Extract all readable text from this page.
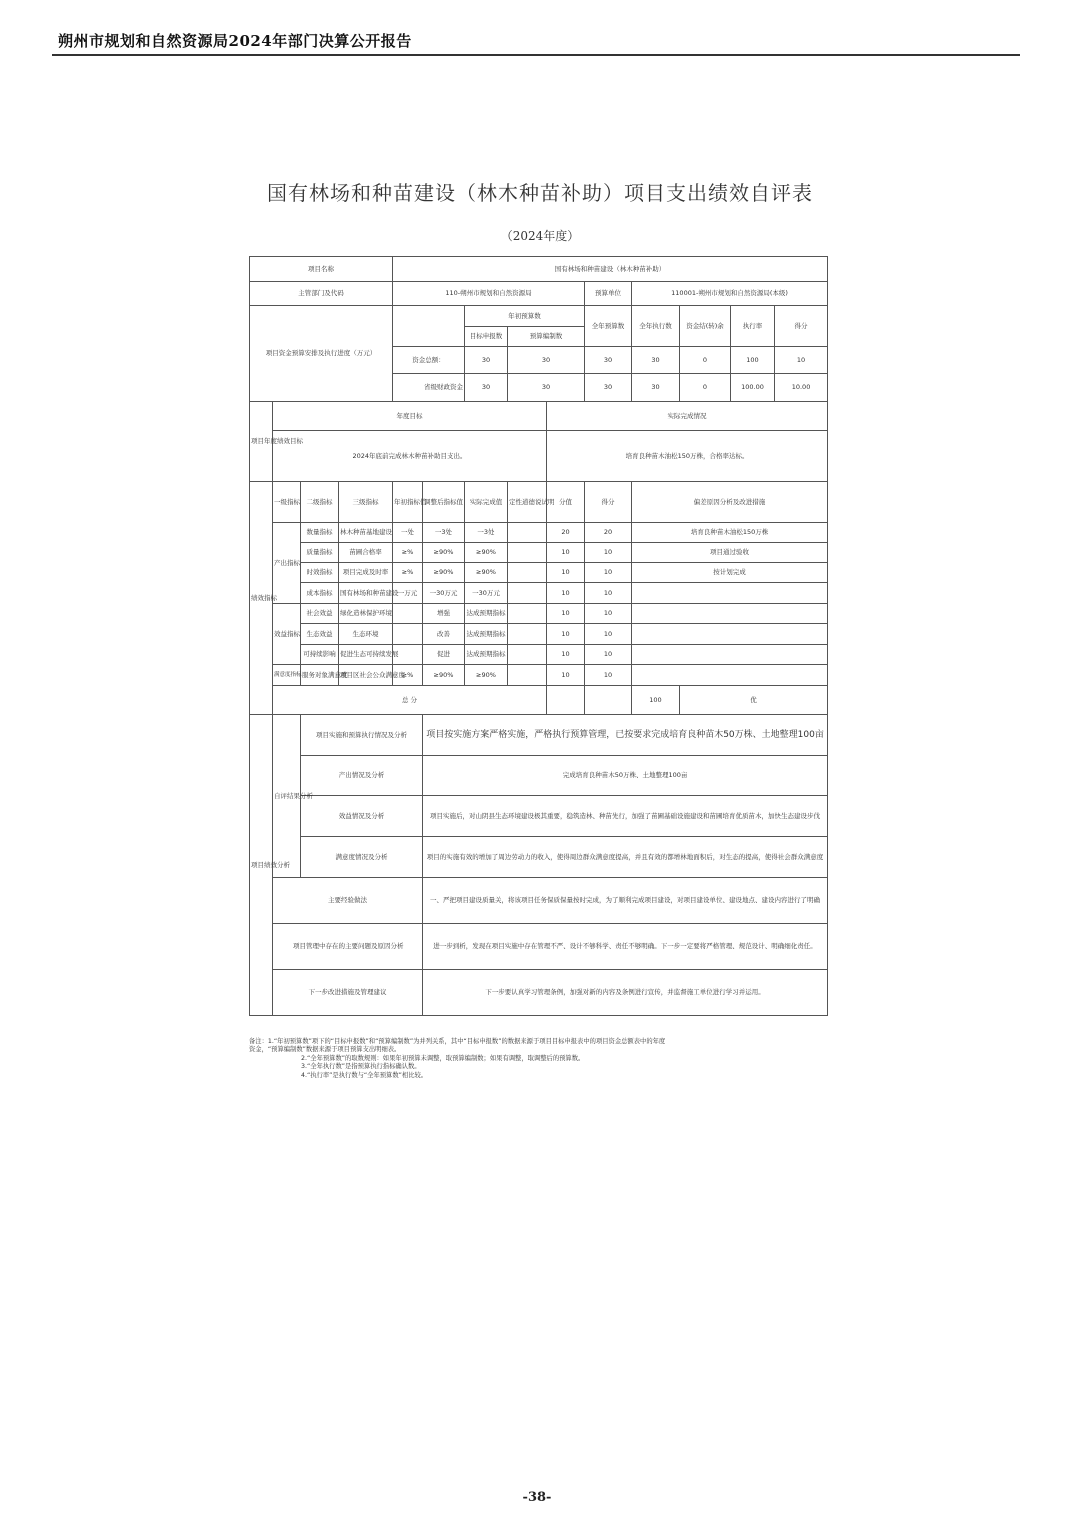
朔州市规划和自然资源局2024年部门决算公开报告
国有林场和种苗建设（林木种苗补助）项目支出绩效自评表
（2024年度）
项目名称				国有林场和种苗建设（林木种苗补助）									
主管部门及代码				110-朔州市规划和自然资源局					预算单位	110001-朔州市规划和自然资源局(本级)			
项目资金预算安排及执行进度（万元）						年初预算数			全年预算数	全年执行数	资金结(转)余	执行率	得分
						目标申报数	预算编制数						
				资金总额：		30	30		30	30	0	100	10
				省级财政资金		30	30		30	30	0	100.00	10.00
项目年度绩效目标	年度目标							实际完成情况					
	2024年底前完成林木种苗补助目支出。							培育良种苗木油松150万株，合格率达标。					
绩效指标	一级指标	二级指标	三级指标	年初指标值	调整后指标值	实际完成值	定性道德说试明	分值	得分	偏差原因分析及改进措施			
	产出指标	数量指标	林木种苗基地建设	一处	一3处	一3处		20	20	培育良种苗木油松150万株			
		质量指标	苗圃合格率	≥%	≥90%	≥90%		10	10	项目通过验收			
		时效指标	项目完成及时率	≥%	≥90%	≥90%		10	10	按计划完成			
		成本指标	国有林场和种苗建设	一万元	一30万元	一30万元		10	10				
	效益指标	社会效益	绿化造林保护环境		增强	达成预期指标		10	10				
		生态效益	生态环境		改善	达成预期指标		10	10				
		可持续影响	促进生态可持续发展		促进	达成预期指标		10	10				
	满意度指标	服务对象满意度	项目区社会公众满意度	≥%	≥90%	≥90%		10	10				
	总 分									100	优		
项目绩效分析	自评结果分析	项目实施和预算执行情况及分析			项目按实施方案严格实施，严格执行预算管理，已按要求完成培育良种苗木50万株、土地整理100亩								
		产出情况及分析			完成培育良种苗木50万株、土地整理100亩								
		效益情况及分析			项目实施后，对山阴县生态环境建设极其重要，稳筑造林、种苗先行，加强了苗圃基础设施建设和苗圃培育优质苗木，加快生态建设步伐								
		满意度情况及分析			项目的实施有效的增加了周边劳动力的收入，使得周边群众满意度提高，并且有效的都增林地面积后，对生态的提高，使得社会群众满意度								
	主要经验做法				一、严把项目建设质量关，将该项目任务保质保量按时完成，为了顺利完成项目建设，对项目建设单位、建设地点、建设内容进行了明确								
	项目管理中存在的主要问题及原因分析				进一步到析，发现在项目实施中存在管理不严、设计不够科学、责任不够明确。下一步一定要将严格管理、规范设计、明确细化责任。								
	下一步改进措施及管理建议				下一步要认真学习管理条例，加强对新的内容及条例进行宣传，并监督施工单位进行学习并运用。								
备注：1.“年初预算数”项下的“目标申报数”和“预算编制数”为并列关系，其中“目标申报数”的数据来源于项目目标申报表中的项目资金总额表中的年度
资金，“预算编制数”数据来源于项目预算支出明细表。
2.“全年预算数”的取数规则：如果年初预算未调整，取预算编制数；如果有调整，取调整后的预算数。
3.“全年执行数”是指预算执行指标确认数。
4.“执行率”是执行数与“全年预算数”相比较。
-38-
